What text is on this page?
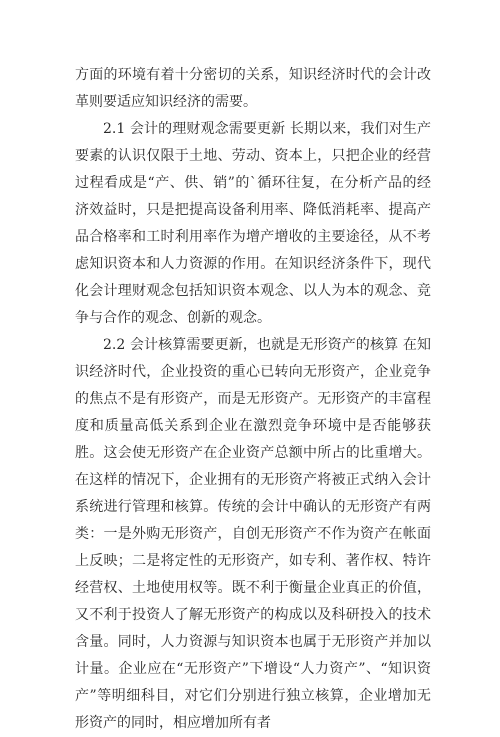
方面的环境有着十分密切的关系，知识经济时代的会计改革则要适应知识经济的需要。

2.1 会计的理财观念需要更新 长期以来，我们对生产要素的认识仅限于土地、劳动、资本上，只把企业的经营过程看成是“产、供、销”的`循环往复，在分析产品的经济效益时，只是把提高设备利用率、降低消耗率、提高产品合格率和工时利用率作为增产增收的主要途径，从不考虑知识资本和人力资源的作用。在知识经济条件下，现代化会计理财观念包括知识资本观念、以人为本的观念、竞争与合作的观念、创新的观念。

2.2 会计核算需要更新，也就是无形资产的核算 在知识经济时代，企业投资的重心已转向无形资产，企业竞争的焦点不是有形资产，而是无形资产。无形资产的丰富程度和质量高低关系到企业在激烈竞争环境中是否能够获胜。这会使无形资产在企业资产总额中所占的比重增大。在这样的情况下，企业拥有的无形资产将被正式纳入会计系统进行管理和核算。传统的会计中确认的无形资产有两类：一是外购无形资产，自创无形资产不作为资产在帐面上反映；二是将定性的无形资产，如专利、著作权、特许经营权、土地使用权等。既不利于衡量企业真正的价值，又不利于投资人了解无形资产的构成以及科研投入的技术含量。同时，人力资源与知识资本也属于无形资产并加以计量。企业应在“无形资产”下增设“人力资产”、“知识资产”等明细科目，对它们分别进行独立核算，企业增加无形资产的同时，相应增加所有者
